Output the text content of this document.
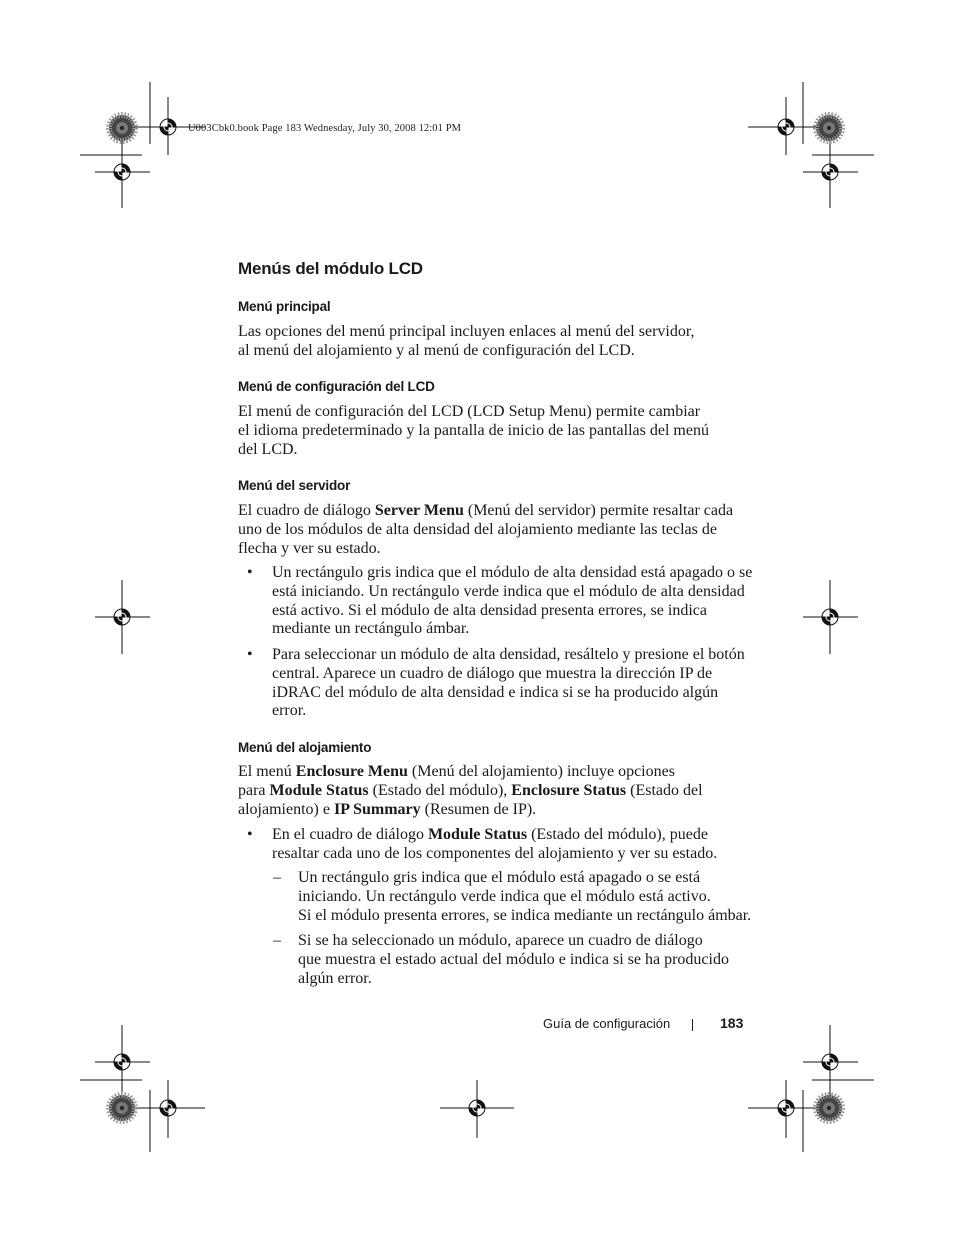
U003Cbk0.book Page 183 Wednesday, July 30, 2008 12:01 PM
Menús del módulo LCD
Menú principal
Las opciones del menú principal incluyen enlaces al menú del servidor,
al menú del alojamiento y al menú de configuración del LCD.
Menú de configuración del LCD
El menú de configuración del LCD (LCD Setup Menu) permite cambiar
el idioma predeterminado y la pantalla de inicio de las pantallas del menú
del LCD.
Menú del servidor
El cuadro de diálogo Server Menu (Menú del servidor) permite resaltar cada
uno de los módulos de alta densidad del alojamiento mediante las teclas de
flecha y ver su estado.
• Un rectángulo gris indica que el módulo de alta densidad está apagado o se
está iniciando. Un rectángulo verde indica que el módulo de alta densidad
está activo. Si el módulo de alta densidad presenta errores, se indica
mediante un rectángulo ámbar.
• Para seleccionar un módulo de alta densidad, resáltelo y presione el botón
central. Aparece un cuadro de diálogo que muestra la dirección IP de
iDRAC del módulo de alta densidad e indica si se ha producido algún
error.
Menú del alojamiento
El menú Enclosure Menu (Menú del alojamiento) incluye opciones
para Module Status (Estado del módulo), Enclosure Status (Estado del
alojamiento) e IP Summary (Resumen de IP).
• En el cuadro de diálogo Module Status (Estado del módulo), puede
resaltar cada uno de los componentes del alojamiento y ver su estado.
– Un rectángulo gris indica que el módulo está apagado o se está
iniciando. Un rectángulo verde indica que el módulo está activo.
Si el módulo presenta errores, se indica mediante un rectángulo ámbar.
– Si se ha seleccionado un módulo, aparece un cuadro de diálogo
que muestra el estado actual del módulo e indica si se ha producido
algún error.
Guía de configuración	183
